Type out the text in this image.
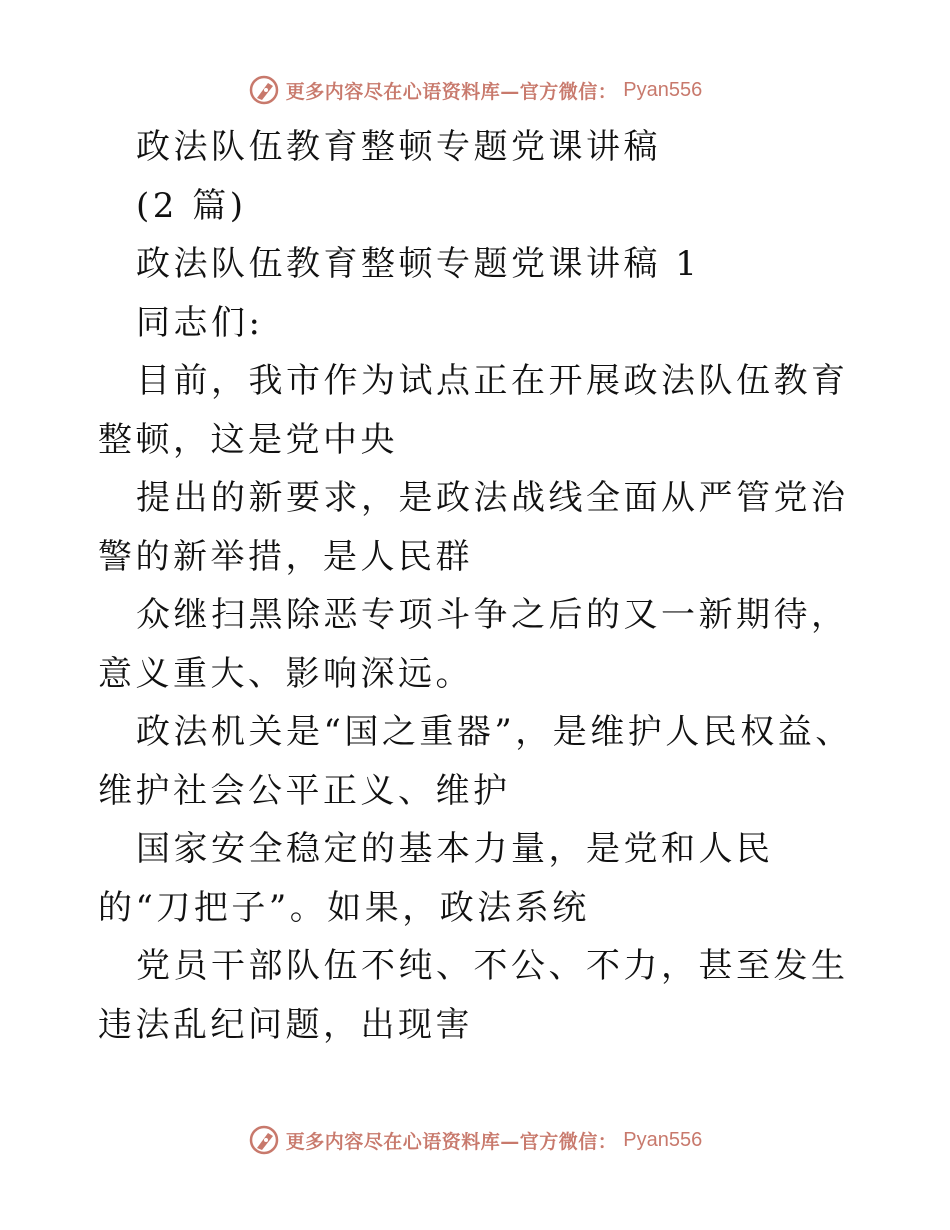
更多内容尽在心语资料库—官方微信： Pyan556

政法队伍教育整顿专题党课讲稿

(2 篇)

政法队伍教育整顿专题党课讲稿 1

同志们:

目前，我市作为试点正在开展政法队伍教育整顿，这是党中央

提出的新要求，是政法战线全面从严管党治警的新举措，是人民群

众继扫黑除恶专项斗争之后的又一新期待，意义重大、影响深远。

政法机关是“国之重器”，是维护人民权益、维护社会公平正义、维护

国家安全稳定的基本力量，是党和人民的“刀把子”。如果，政法系统

党员干部队伍不纯、不公、不力，甚至发生违法乱纪问题，出现害

更多内容尽在心语资料库—官方微信： Pyan556
